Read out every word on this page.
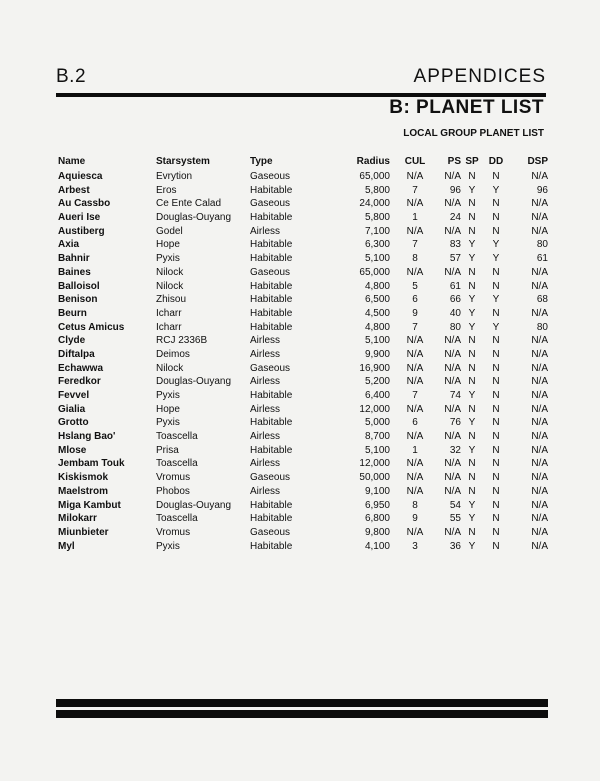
B.2	APPENDICES
B: PLANET LIST
LOCAL GROUP PLANET LIST
Name	Starsystem	Type	Radius CUL	PS SP DD	DSP
Aquiesca	Evrytion	Gaseous	65,000	N/A	N/A N	N	N/A
Arbest	Eros	Habitable	5,800	7	96 Y	Y	96
Au Cassbo	Ce Ente Calad	Gaseous	24,000	N/A	N/A N	N	N/A
Aueri Ise	Douglas-Ouyang Habitable	5,800	1	24 N	N	N/A
Austiberg	Godel	Airless	7,100	N/A	N/A N	N	N/A
Axia	Hope	Habitable	6,300	7	83 Y	Y	80
Bahnir	Pyxis	Habitable	5,100	8	57 Y	Y	61
Baines	Nilock	Gaseous	65,000	N/A	N/A N	N	N/A
Balloisol	Nilock	Habitable	4,800	5	61 N	N	N/A
Benison	Zhisou	Habitable	6,500	6	66 Y	Y	68
Beurn	Icharr	Habitable	4,500	9	40 Y	N	N/A
Cetus Amicus	Icharr	Habitable	4,800	7	80 Y	Y	80
Clyde	RCJ 2336B	Airless	5,100	N/A	N/A N	N	N/A
Diftalpa	Deimos	Airless	9,900	N/A	N/A N	N	N/A
Echawwa	Nilock	Gaseous	16,900	N/A	N/A N	N	N/A
Feredkor	Douglas-Ouyang Airless	5,200	N/A	N/A N	N	N/A
Fevvel	Pyxis	Habitable	6,400	7	74 Y	N	N/A
Gialia	Hope	Airless	12,000	N/A	N/A N	N	N/A
Grotto	Pyxis	Habitable	5,000	6	76 Y	N	N/A
Hslang Bao'	Toascella	Airless	8,700	N/A	N/A N	N	N/A
Mlose	Prisa	Habitable	5,100	1	32 Y	N	N/A
Jembam Touk	Toascella	Airless	12,000	N/A	N/A N	N	N/A
Kiskismok	Vromus	Gaseous	50,000	N/A	N/A N	N	N/A
Maelstrom	Phobos	Airless	9,100	N/A	N/A N	N	N/A
Miga Kambut	Douglas-Ouyang Habitable	6,950	8	54 Y	N	N/A
Milokarr	Toascella	Habitable	6,800	9	55 Y	N	N/A
Miunbieter	Vromus	Gaseous	9,800	N/A	N/A N	N	N/A
Myl	Pyxis	Habitable	4,100	3	36 Y	N	N/A
